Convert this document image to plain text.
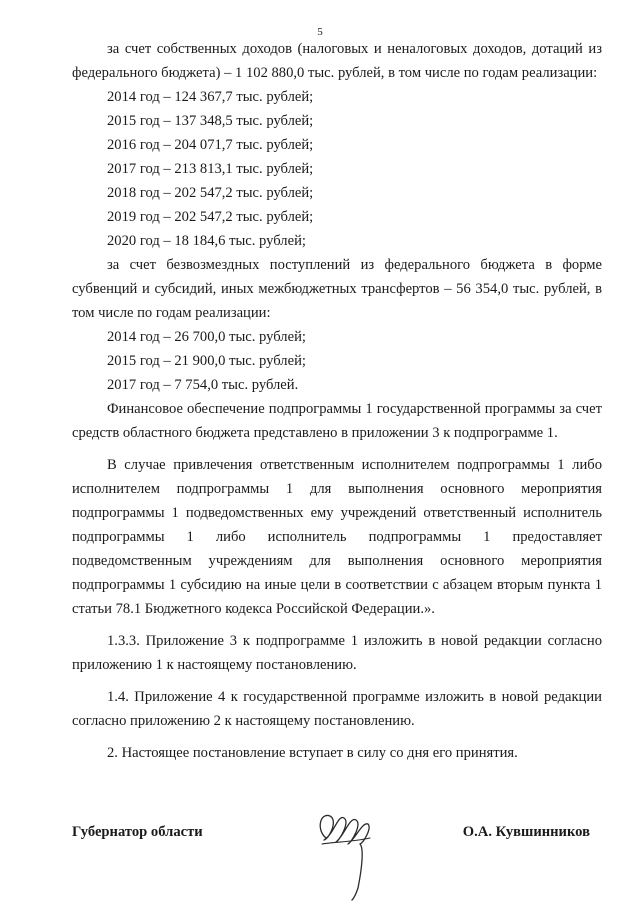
5

за счет собственных доходов (налоговых и неналоговых доходов, дотаций из федерального бюджета) – 1 102 880,0 тыс. рублей, в том числе по годам реализации:

2014 год – 124 367,7 тыс. рублей;
2015 год – 137 348,5 тыс. рублей;
2016 год – 204 071,7 тыс. рублей;
2017 год – 213 813,1 тыс. рублей;
2018 год – 202 547,2 тыс. рублей;
2019 год – 202 547,2 тыс. рублей;
2020 год – 18 184,6 тыс. рублей;

за счет безвозмездных поступлений из федерального бюджета в форме субвенций и субсидий, иных межбюджетных трансфертов – 56 354,0 тыс. рублей, в том числе по годам реализации:

2014 год – 26 700,0 тыс. рублей;
2015 год – 21 900,0 тыс. рублей;
2017 год – 7 754,0 тыс. рублей.

Финансовое обеспечение подпрограммы 1 государственной программы за счет средств областного бюджета представлено в приложении 3 к подпрограмме 1.

В случае привлечения ответственным исполнителем подпрограммы 1 либо исполнителем подпрограммы 1 для выполнения основного мероприятия подпрограммы 1 подведомственных ему учреждений ответственный исполнитель подпрограммы 1 либо исполнитель подпрограммы 1 предоставляет подведомственным учреждениям для выполнения основного мероприятия подпрограммы 1 субсидию на иные цели в соответствии с абзацем вторым пункта 1 статьи 78.1 Бюджетного кодекса Российской Федерации.».

1.3.3. Приложение 3 к подпрограмме 1 изложить в новой редакции согласно приложению 1 к настоящему постановлению.

1.4. Приложение 4 к государственной программе изложить в новой редакции согласно приложению 2 к настоящему постановлению.

2. Настоящее постановление вступает в силу со дня его принятия.

Губернатор области	О.А. Кувшинников
